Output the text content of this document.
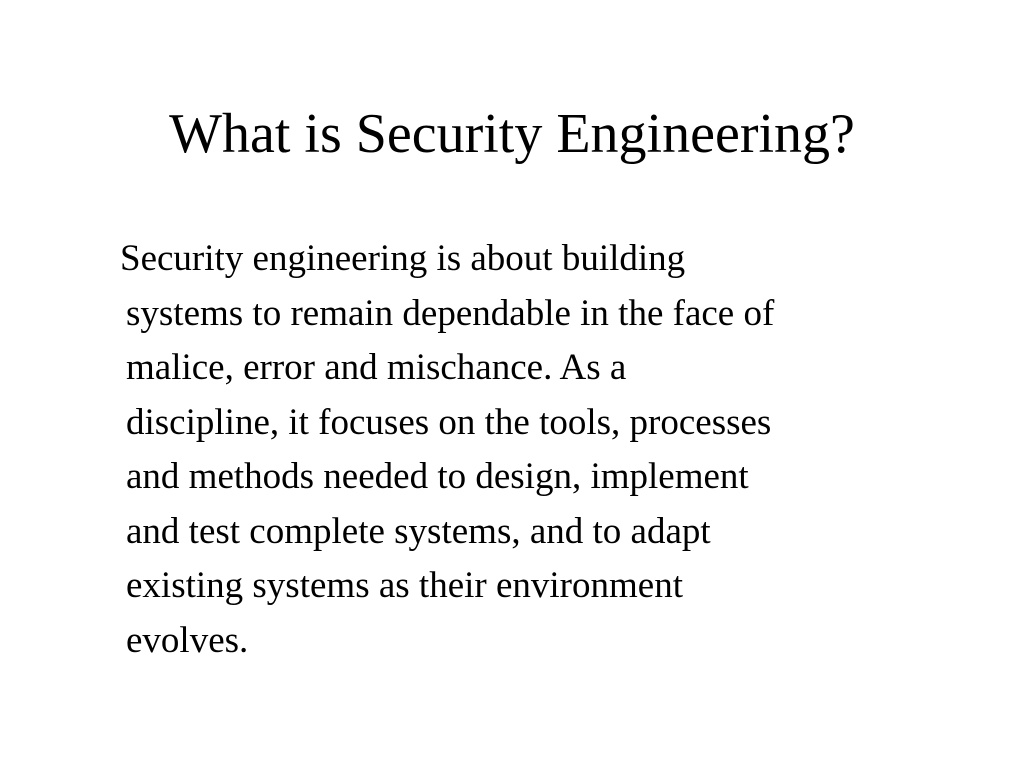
What is Security Engineering?
Security engineering is about building
systems to remain dependable in the face of
malice, error and mischance. As a
discipline, it focuses on the tools, processes
and methods needed to design, implement
and test complete systems, and to adapt
existing systems as their environment
evolves.
